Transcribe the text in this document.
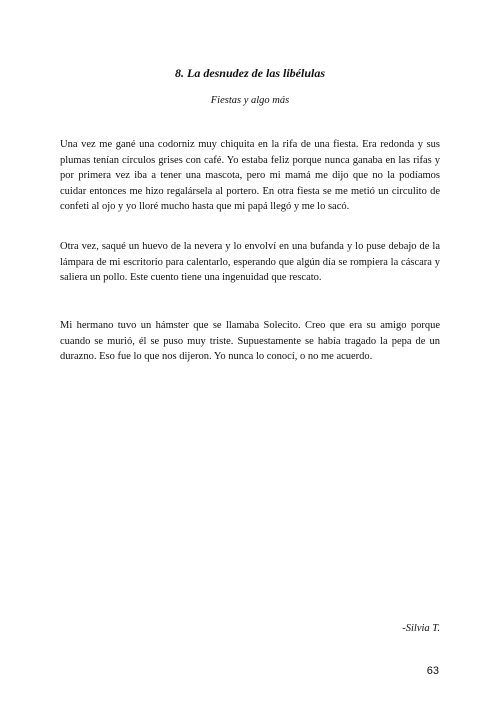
8. La desnudez de las libélulas
Fiestas y algo más

Una vez me gané una codorniz muy chiquita en la rifa de una fiesta. Era redonda y sus plumas tenían círculos grises con café. Yo estaba feliz porque nunca ganaba en las rifas y por primera vez iba a tener una mascota, pero mi mamá me dijo que no la podíamos cuidar entonces me hizo regalársela al portero. En otra fiesta se me metió un circulito de confeti al ojo y yo lloré mucho hasta que mi papá llegó y me lo sacó.

Otra vez, saqué un huevo de la nevera y lo envolví en una bufanda y lo puse debajo de la lámpara de mi escritorio para calentarlo, esperando que algún día se rompiera la cáscara y saliera un pollo. Este cuento tiene una ingenuidad que rescato.

Mi hermano tuvo un hámster que se llamaba Solecito. Creo que era su amigo porque cuando se murió, él se puso muy triste. Supuestamente se había tragado la pepa de un durazno. Eso fue lo que nos dijeron. Yo nunca lo conocí, o no me acuerdo.

-Silvia T.
63
